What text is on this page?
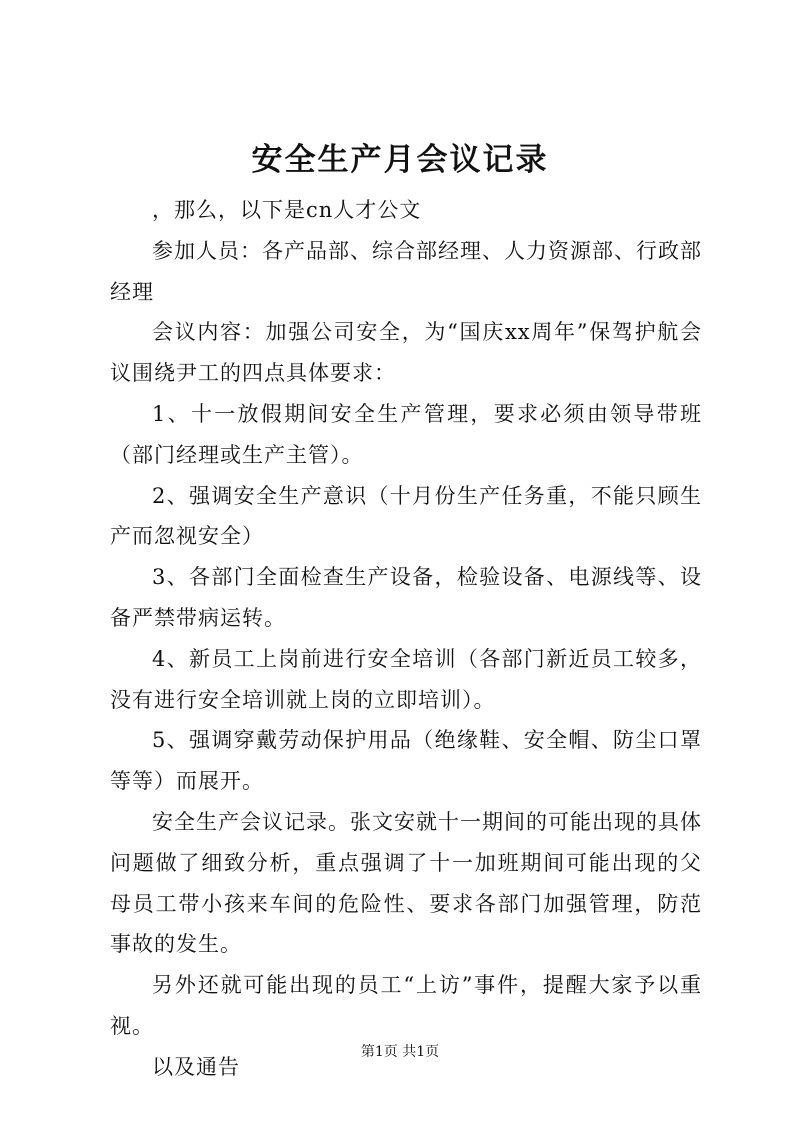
安全生产月会议记录

，那么，以下是cn人才公文

参加人员：各产品部、综合部经理、人力资源部、行政部经理

会议内容：加强公司安全，为“国庆xx周年”保驾护航会议围绕尹工的四点具体要求：

1、十一放假期间安全生产管理，要求必须由领导带班（部门经理或生产主管）。

2、强调安全生产意识（十月份生产任务重，不能只顾生产而忽视安全）

3、各部门全面检查生产设备，检验设备、电源线等、设备严禁带病运转。

4、新员工上岗前进行安全培训（各部门新近员工较多，没有进行安全培训就上岗的立即培训）。

5、强调穿戴劳动保护用品（绝缘鞋、安全帽、防尘口罩等等）而展开。

安全生产会议记录。张文安就十一期间的可能出现的具体问题做了细致分析，重点强调了十一加班期间可能出现的父母员工带小孩来车间的危险性、要求各部门加强管理，防范事故的发生。

另外还就可能出现的员工“上访”事件，提醒大家予以重视。

以及通告

第1页 共1页
